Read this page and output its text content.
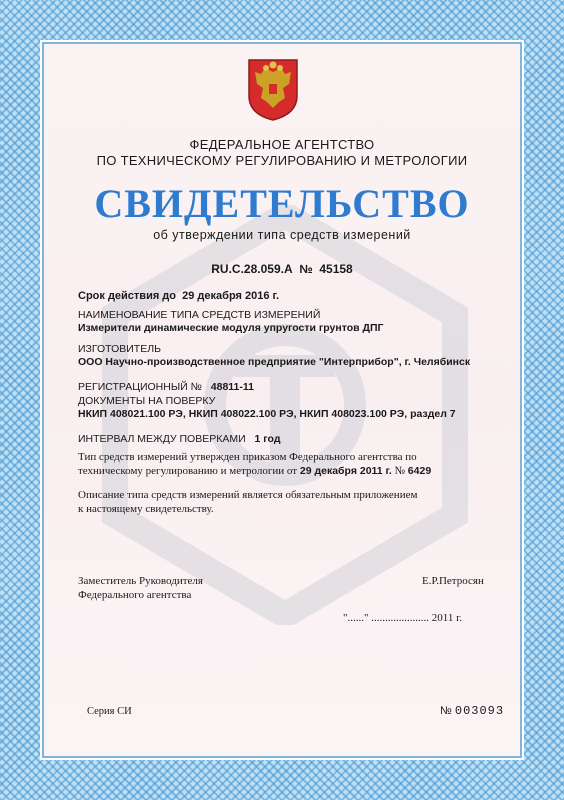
ФЕДЕРАЛЬНОЕ АГЕНТСТВО
ПО ТЕХНИЧЕСКОМУ РЕГУЛИРОВАНИЮ И МЕТРОЛОГИИ
СВИДЕТЕЛЬСТВО
об утверждении типа средств измерений
RU.C.28.059.A № 45158
Срок действия до 29 декабря 2016 г.
НАИМЕНОВАНИЕ ТИПА СРЕДСТВ ИЗМЕРЕНИЙ
Измерители динамические модуля упругости грунтов ДПГ
ИЗГОТОВИТЕЛЬ
ООО Научно-производственное предприятие "Интерприбор", г. Челябинск
РЕГИСТРАЦИОННЫЙ № 48811-11
ДОКУМЕНТЫ НА ПОВЕРКУ
НКИП 408021.100 РЭ, НКИП 408022.100 РЭ, НКИП 408023.100 РЭ, раздел 7
ИНТЕРВАЛ МЕЖДУ ПОВЕРКАМИ 1 год
Тип средств измерений утвержден приказом Федерального агентства по
техническому регулированию и метрологии от 29 декабря 2011 г. № 6429
Описание типа средств измерений является обязательным приложением
к настоящему свидетельству.
Заместитель Руководителя
Федерального агентства
Е.Р.Петросян
"......" ..................... 2011 г.
Серия СИ	№ 003093
